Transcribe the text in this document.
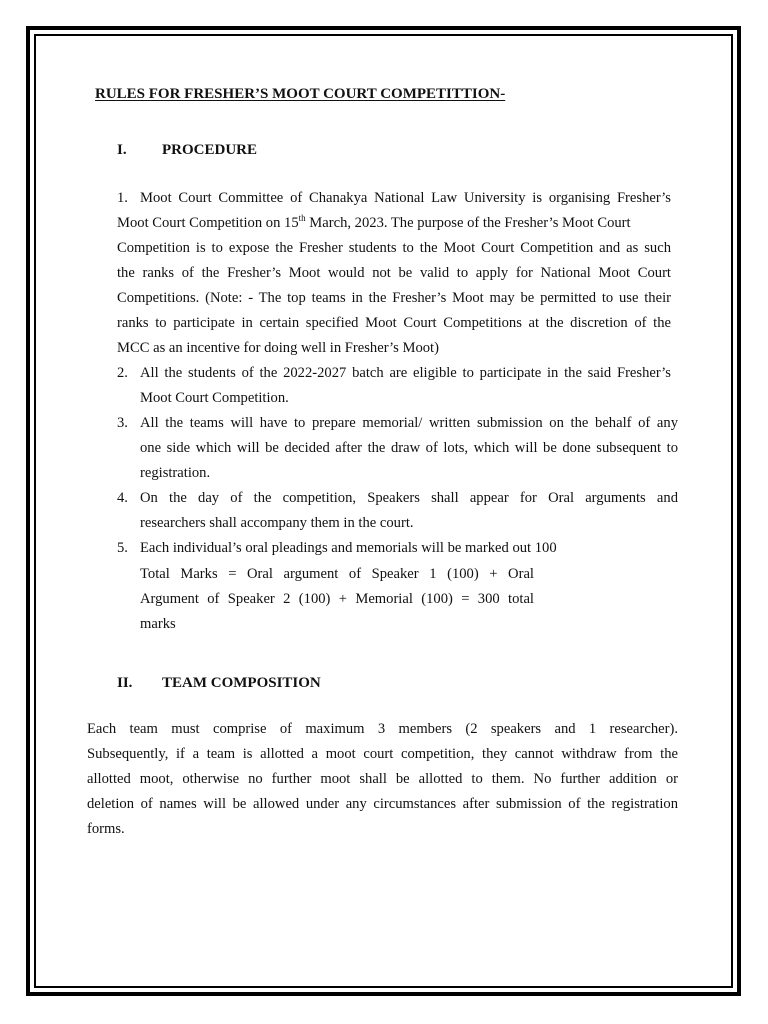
RULES FOR FRESHER’S MOOT COURT COMPETITTION-
I. PROCEDURE
1. Moot Court Committee of Chanakya National Law University is organising Fresher’s
Moot Court Competition on 15th March, 2023. The purpose of the Fresher’s Moot Court
Competition is to expose the Fresher students to the Moot Court Competition and as such
the ranks of the Fresher’s Moot would not be valid to apply for National Moot Court
Competitions. (Note: - The top teams in the Fresher’s Moot may be permitted to use their
ranks to participate in certain specified Moot Court Competitions at the discretion of the
MCC as an incentive for doing well in Fresher’s Moot)
2. All the students of the 2022-2027 batch are eligible to participate in the said Fresher’s
Moot Court Competition.
3. All the teams will have to prepare memorial/ written submission on the behalf of any
one side which will be decided after the draw of lots, which will be done subsequent to
registration.
4. On the day of the competition, Speakers shall appear for Oral arguments and
researchers shall accompany them in the court.
5. Each individual’s oral pleadings and memorials will be marked out 100
Total Marks = Oral argument of Speaker 1 (100) + Oral
Argument of Speaker 2 (100) + Memorial (100) = 300 total
marks
II. TEAM COMPOSITION
Each team must comprise of maximum 3 members (2 speakers and 1 researcher).
Subsequently, if a team is allotted a moot court competition, they cannot withdraw from the
allotted moot, otherwise no further moot shall be allotted to them. No further addition or
deletion of names will be allowed under any circumstances after submission of the registration
forms.
